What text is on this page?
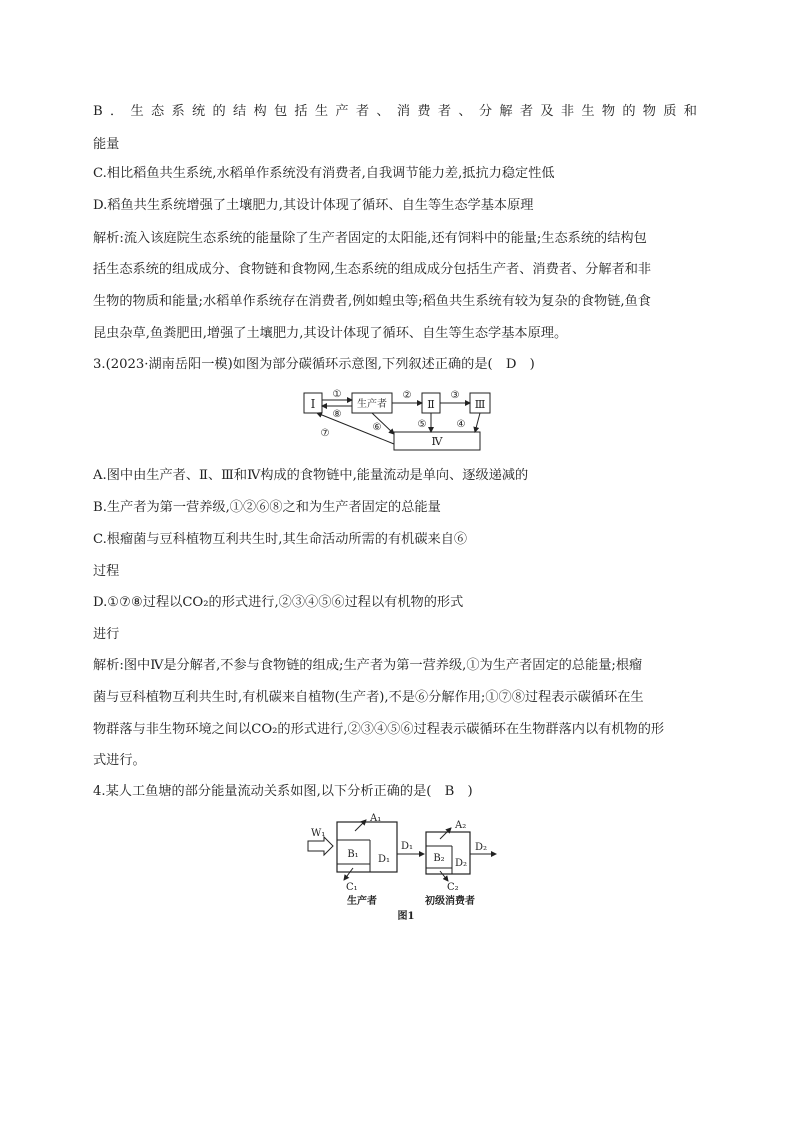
B．生态系统的结构包括生产者、消费者、分解者及非生物的物质和
能量
C.相比稻鱼共生系统,水稻单作系统没有消费者,自我调节能力差,抵抗力稳定性低
D.稻鱼共生系统增强了土壤肥力,其设计体现了循环、自生等生态学基本原理
解析:流入该庭院生态系统的能量除了生产者固定的太阳能,还有饲料中的能量;生态系统的结构包
括生态系统的组成成分、食物链和食物网,生态系统的组成成分包括生产者、消费者、分解者和非
生物的物质和能量;水稻单作系统存在消费者,例如蝗虫等;稻鱼共生系统有较为复杂的食物链,鱼食
昆虫杂草,鱼粪肥田,增强了土壤肥力,其设计体现了循环、自生等生态学基本原理。
3.(2023·湖南岳阳一模)如图为部分碳循环示意图,下列叙述正确的是(　D　)
Ⅰ	生产者	Ⅱ	Ⅲ
Ⅳ
①
⑧
②	③
④
⑤
⑥
⑦
A.图中由生产者、Ⅱ、Ⅲ和Ⅳ构成的食物链中,能量流动是单向、逐级递减的
B.生产者为第一营养级,①②⑥⑧之和为生产者固定的总能量
C.根瘤菌与豆科植物互利共生时,其生命活动所需的有机碳来自⑥
过程
D.①⑦⑧过程以CO₂的形式进行,②③④⑤⑥过程以有机物的形式
进行
解析:图中Ⅳ是分解者,不参与食物链的组成;生产者为第一营养级,①为生产者固定的总能量;根瘤
菌与豆科植物互利共生时,有机碳来自植物(生产者),不是⑥分解作用;①⑦⑧过程表示碳循环在生
物群落与非生物环境之间以CO₂的形式进行,②③④⑤⑥过程表示碳循环在生物群落内以有机物的形
式进行。
4.某人工鱼塘的部分能量流动关系如图,以下分析正确的是(　B　)
W₁
B₁ D₁
A₁
C₁
D₁
B₂ D₂
A₂
C₂
D₂
生产者	初级消费者
图1
